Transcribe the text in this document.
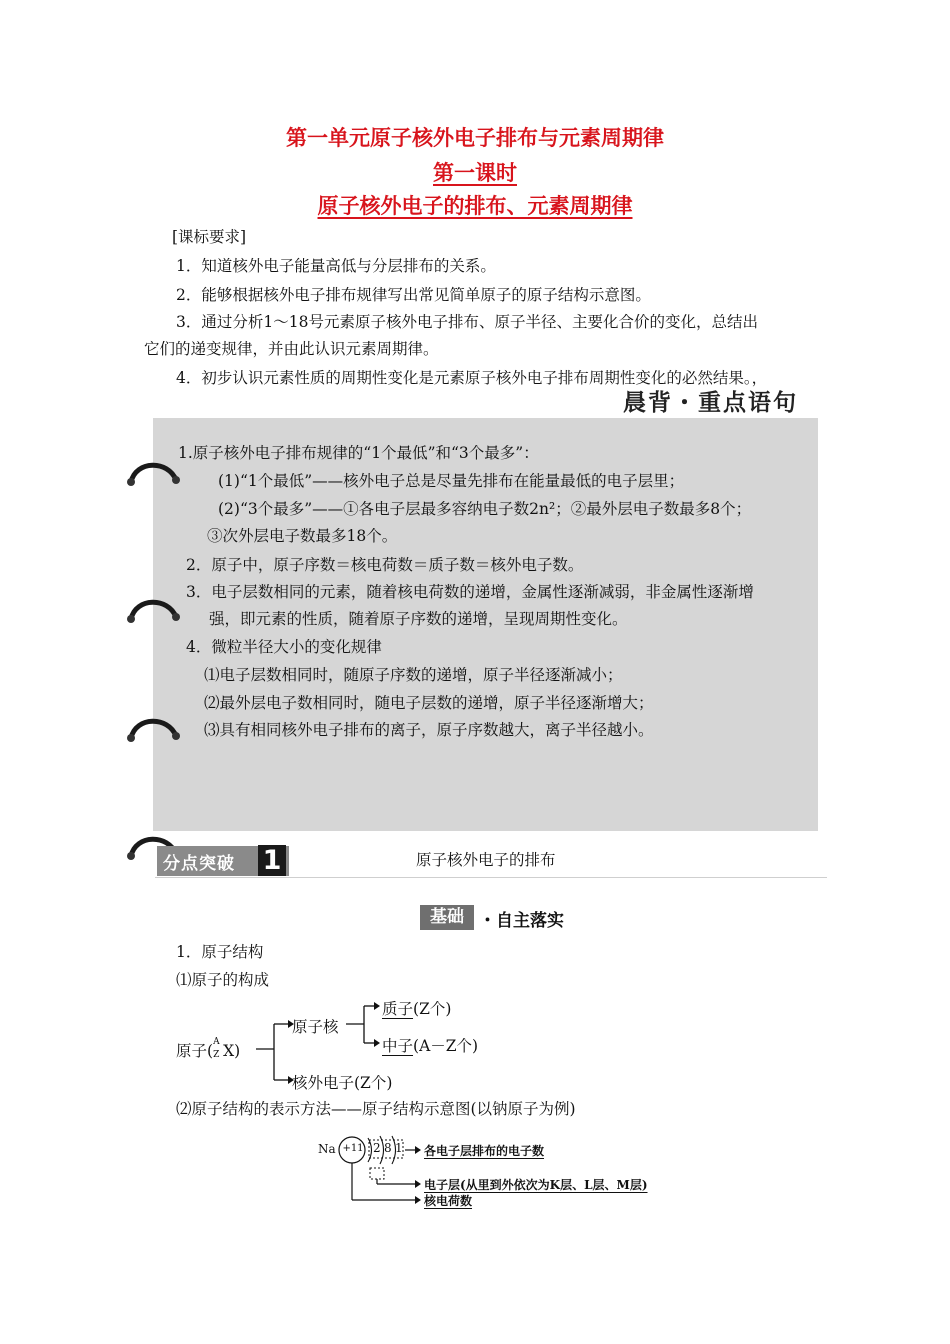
第一单元原子核外电子排布与元素周期律
第一课时
原子核外电子的排布、元素周期律
[课标要求]
1．知道核外电子能量高低与分层排布的关系。
2．能够根据核外电子排布规律写出常见简单原子的原子结构示意图。
3．通过分析1～18号元素原子核外电子排布、原子半径、主要化合价的变化，总结出
它们的递变规律，并由此认识元素周期律。
4．初步认识元素性质的周期性变化是元素原子核外电子排布周期性变化的必然结果。，
晨背・重点语句
1.原子核外电子排布规律的“1个最低”和“3个最多”：
(1)“1个最低”——核外电子总是尽量先排布在能量最低的电子层里；
(2)“3个最多”——①各电子层最多容纳电子数2n²；②最外层电子数最多8个；
③次外层电子数最多18个。
2．原子中，原子序数＝核电荷数＝质子数＝核外电子数。
3．电子层数相同的元素，随着核电荷数的递增，金属性逐渐减弱，非金属性逐渐增
强，即元素的性质，随着原子序数的递增，呈现周期性变化。
4．微粒半径大小的变化规律
⑴电子层数相同时，随原子序数的递增，原子半径逐渐减小；
⑵最外层电子数相同时，随电子层数的递增，原子半径逐渐增大；
⑶具有相同核外电子排布的离子，原子序数越大，离子半径越小。
分点突破 1	原子核外电子的排布
基础 ・自主落实
1．原子结构
⑴原子的构成
原子( A
Z X)
原子核
质子(Z个)
中子(A－Z个)
核外电子(Z个)
⑵原子结构的表示方法——原子结构示意图(以钠原子为例)
Na +11 2 8 1 各电子层排布的电子数
电子层(从里到外依次为K层、L层、M层)
核电荷数
